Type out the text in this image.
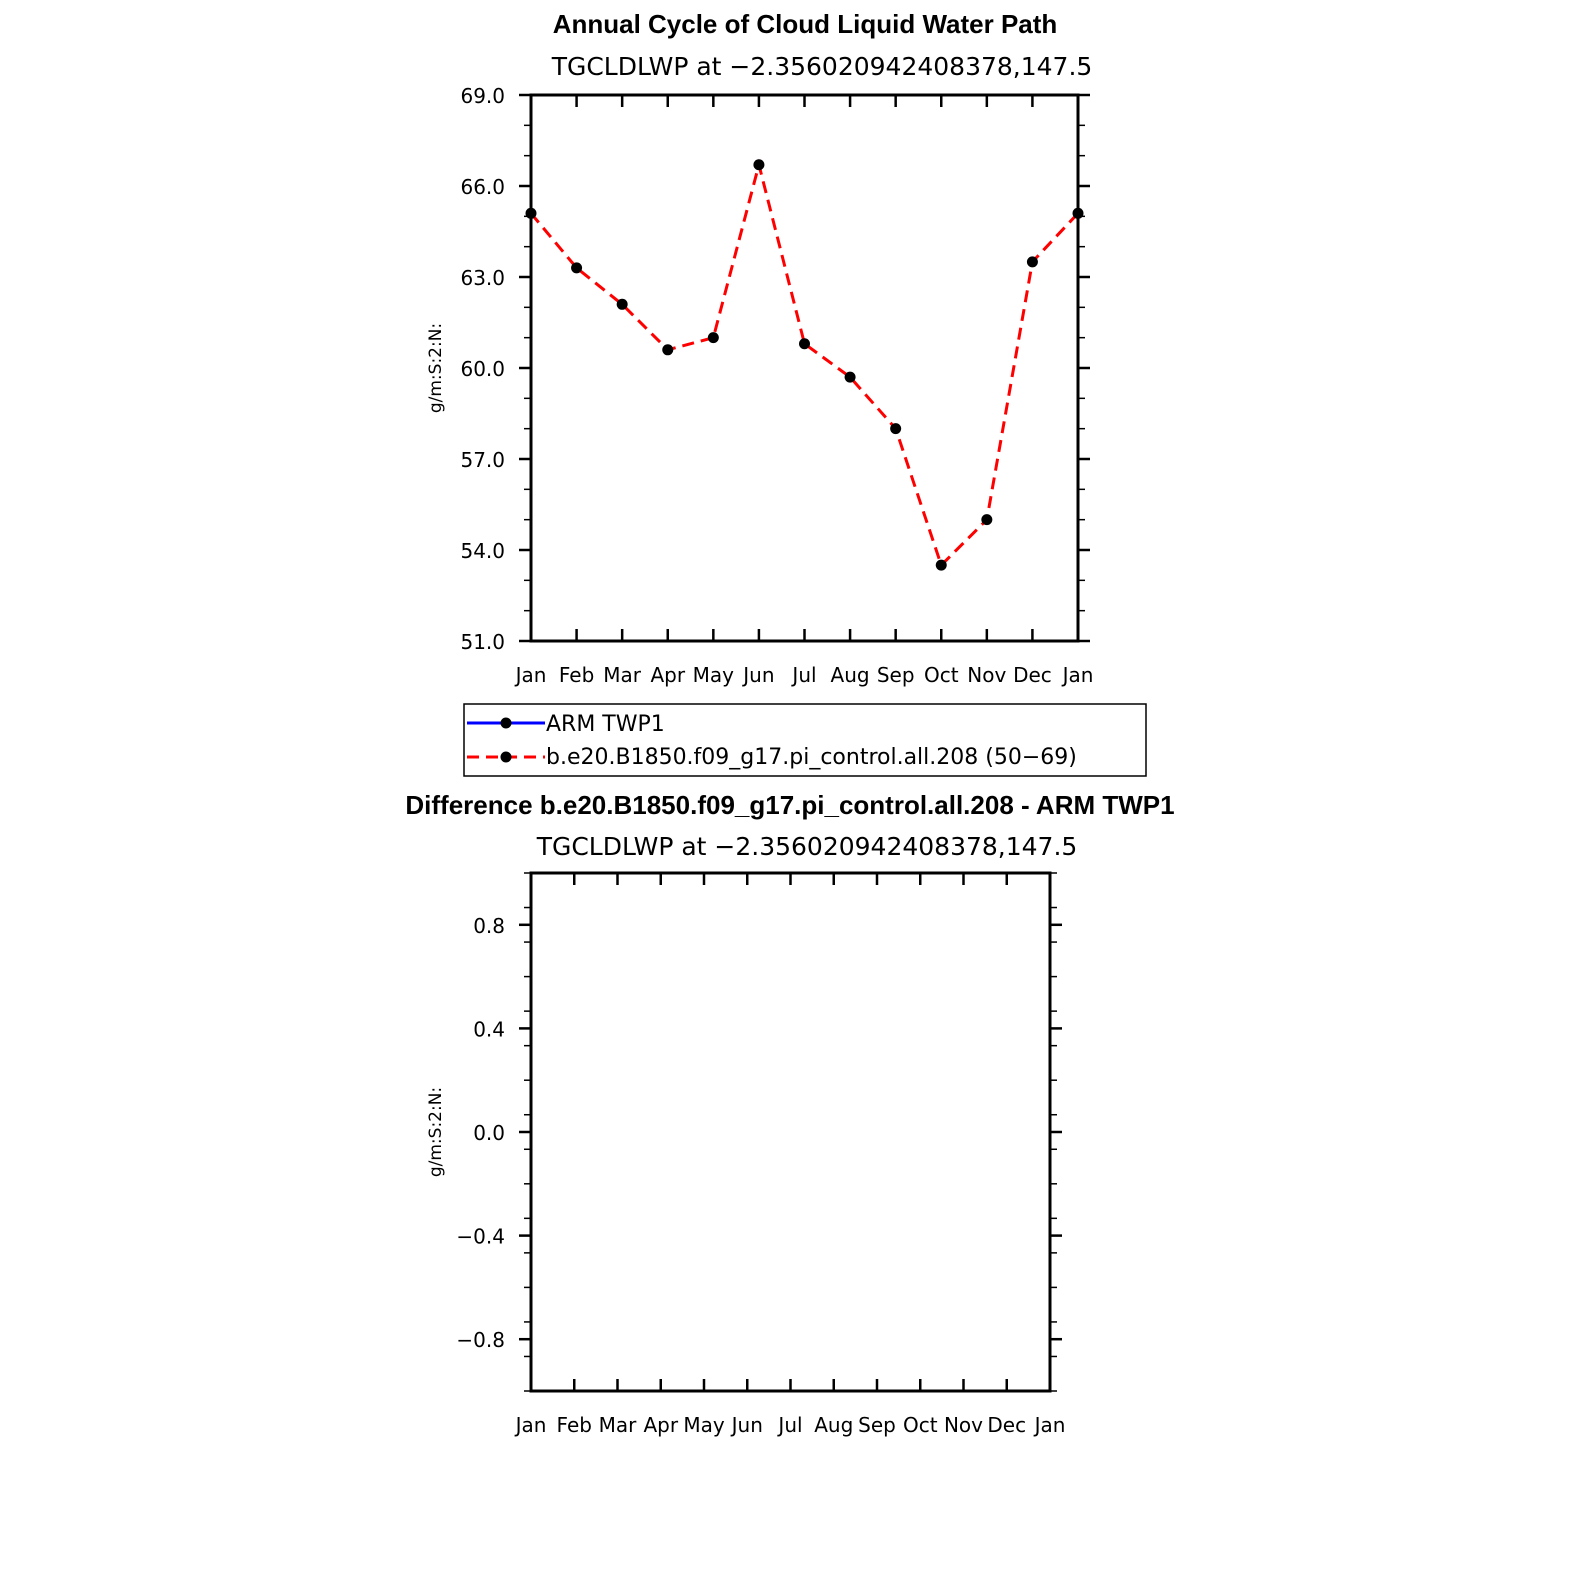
Annual Cycle of Cloud Liquid Water Path
TGCLDLWP at −2.356020942408378,147.5
g/m:S:2:N:
51.0
54.0
57.0
60.0
63.0
66.0
69.0
Jan Feb Mar Apr May Jun Jul Aug Sep Oct Nov Dec Jan
ARM TWP1
b.e20.B1850.f09_g17.pi_control.all.208 (50−69)
Difference b.e20.B1850.f09_g17.pi_control.all.208 - ARM TWP1
TGCLDLWP at −2.356020942408378,147.5
g/m:S:2:N:
−0.8
−0.4
0.0
0.4
0.8
Jan Feb Mar Apr May Jun Jul Aug Sep Oct Nov Dec Jan
